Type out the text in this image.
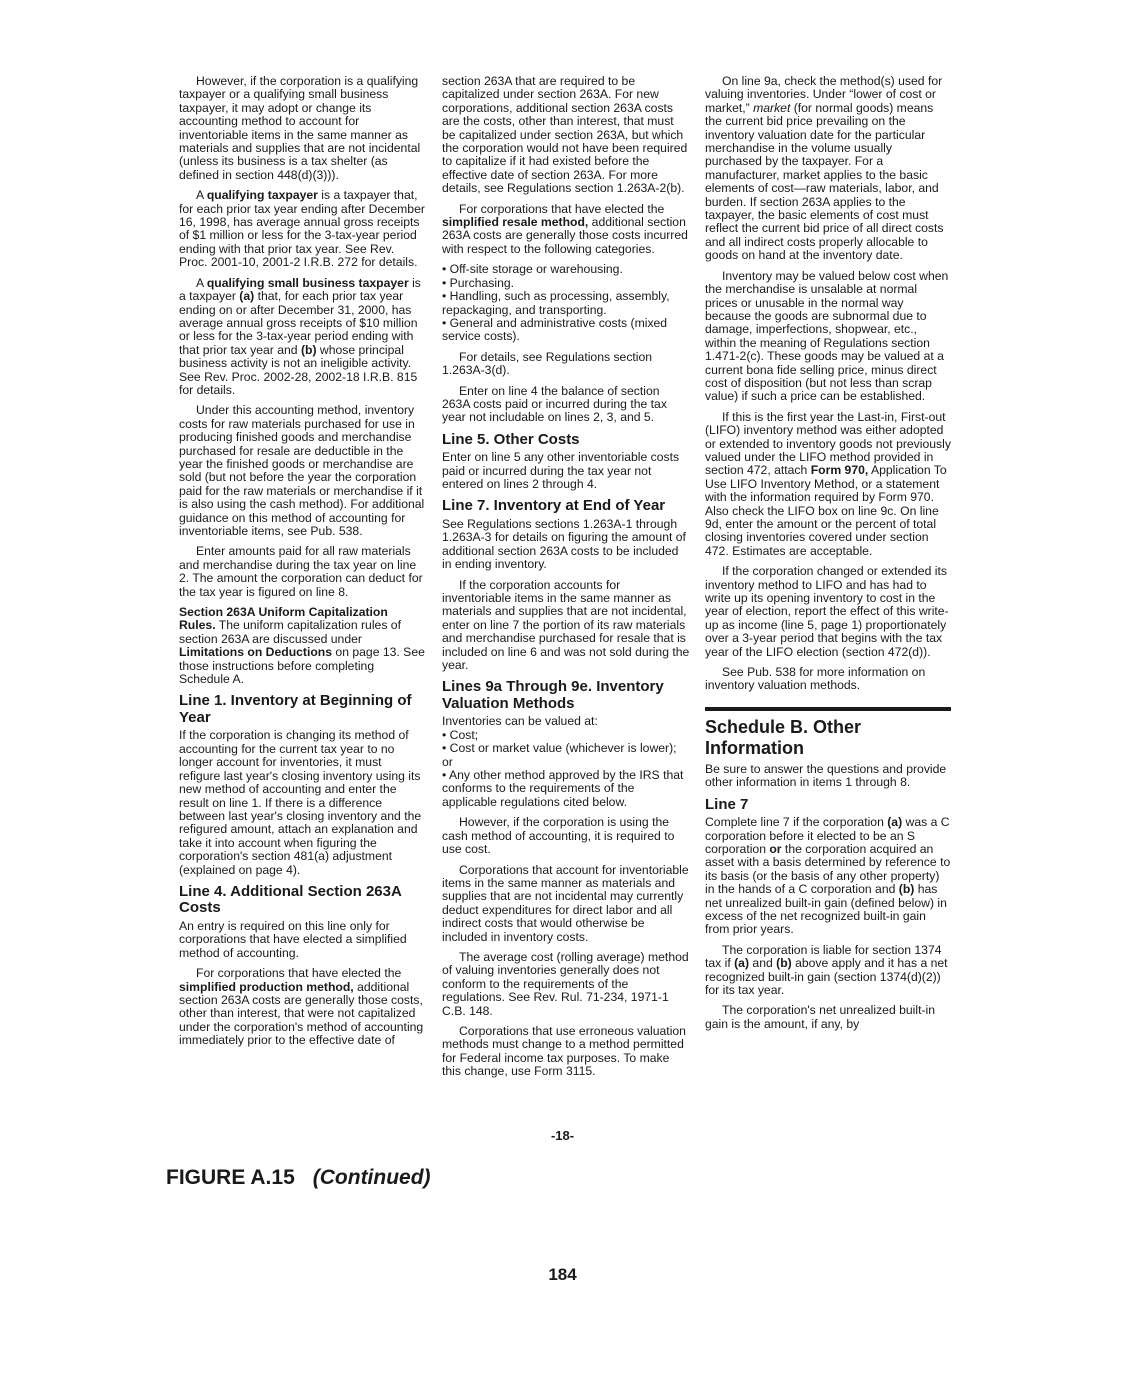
However, if the corporation is a qualifying taxpayer or a qualifying small business taxpayer, it may adopt or change its accounting method to account for inventoriable items in the same manner as materials and supplies that are not incidental (unless its business is a tax shelter (as defined in section 448(d)(3))).

A qualifying taxpayer is a taxpayer that, for each prior tax year ending after December 16, 1998, has average annual gross receipts of $1 million or less for the 3-tax-year period ending with that prior tax year. See Rev. Proc. 2001-10, 2001-2 I.R.B. 272 for details.

A qualifying small business taxpayer is a taxpayer (a) that, for each prior tax year ending on or after December 31, 2000, has average annual gross receipts of $10 million or less for the 3-tax-year period ending with that prior tax year and (b) whose principal business activity is not an ineligible activity. See Rev. Proc. 2002-28, 2002-18 I.R.B. 815 for details.

Under this accounting method, inventory costs for raw materials purchased for use in producing finished goods and merchandise purchased for resale are deductible in the year the finished goods or merchandise are sold (but not before the year the corporation paid for the raw materials or merchandise if it is also using the cash method). For additional guidance on this method of accounting for inventoriable items, see Pub. 538.

Enter amounts paid for all raw materials and merchandise during the tax year on line 2. The amount the corporation can deduct for the tax year is figured on line 8.

Section 263A Uniform Capitalization Rules. The uniform capitalization rules of section 263A are discussed under Limitations on Deductions on page 13. See those instructions before completing Schedule A.

Line 1. Inventory at Beginning of Year

If the corporation is changing its method of accounting for the current tax year to no longer account for inventories, it must refigure last year's closing inventory using its new method of accounting and enter the result on line 1. If there is a difference between last year's closing inventory and the refigured amount, attach an explanation and take it into account when figuring the corporation's section 481(a) adjustment (explained on page 4).

Line 4. Additional Section 263A Costs

An entry is required on this line only for corporations that have elected a simplified method of accounting.

For corporations that have elected the simplified production method, additional section 263A costs are generally those costs, other than interest, that were not capitalized under the corporation's method of accounting immediately prior to the effective date of

section 263A that are required to be capitalized under section 263A. For new corporations, additional section 263A costs are the costs, other than interest, that must be capitalized under section 263A, but which the corporation would not have been required to capitalize if it had existed before the effective date of section 263A. For more details, see Regulations section 1.263A-2(b).

For corporations that have elected the simplified resale method, additional section 263A costs are generally those costs incurred with respect to the following categories.

• Off-site storage or warehousing.

• Purchasing.

• Handling, such as processing, assembly, repackaging, and transporting.

• General and administrative costs (mixed service costs).

For details, see Regulations section 1.263A-3(d).

Enter on line 4 the balance of section 263A costs paid or incurred during the tax year not includable on lines 2, 3, and 5.

Line 5. Other Costs

Enter on line 5 any other inventoriable costs paid or incurred during the tax year not entered on lines 2 through 4.

Line 7. Inventory at End of Year

See Regulations sections 1.263A-1 through 1.263A-3 for details on figuring the amount of additional section 263A costs to be included in ending inventory.

If the corporation accounts for inventoriable items in the same manner as materials and supplies that are not incidental, enter on line 7 the portion of its raw materials and merchandise purchased for resale that is included on line 6 and was not sold during the year.

Lines 9a Through 9e. Inventory Valuation Methods

Inventories can be valued at:

• Cost;

• Cost or market value (whichever is lower); or

• Any other method approved by the IRS that conforms to the requirements of the applicable regulations cited below.

However, if the corporation is using the cash method of accounting, it is required to use cost.

Corporations that account for inventoriable items in the same manner as materials and supplies that are not incidental may currently deduct expenditures for direct labor and all indirect costs that would otherwise be included in inventory costs.

The average cost (rolling average) method of valuing inventories generally does not conform to the requirements of the regulations. See Rev. Rul. 71-234, 1971-1 C.B. 148.

Corporations that use erroneous valuation methods must change to a method permitted for Federal income tax purposes. To make this change, use Form 3115.

On line 9a, check the method(s) used for valuing inventories. Under “lower of cost or market,” market (for normal goods) means the current bid price prevailing on the inventory valuation date for the particular merchandise in the volume usually purchased by the taxpayer. For a manufacturer, market applies to the basic elements of cost—raw materials, labor, and burden. If section 263A applies to the taxpayer, the basic elements of cost must reflect the current bid price of all direct costs and all indirect costs properly allocable to goods on hand at the inventory date.

Inventory may be valued below cost when the merchandise is unsalable at normal prices or unusable in the normal way because the goods are subnormal due to damage, imperfections, shopwear, etc., within the meaning of Regulations section 1.471-2(c). These goods may be valued at a current bona fide selling price, minus direct cost of disposition (but not less than scrap value) if such a price can be established.

If this is the first year the Last-in, First-out (LIFO) inventory method was either adopted or extended to inventory goods not previously valued under the LIFO method provided in section 472, attach Form 970, Application To Use LIFO Inventory Method, or a statement with the information required by Form 970. Also check the LIFO box on line 9c. On line 9d, enter the amount or the percent of total closing inventories covered under section 472. Estimates are acceptable.

If the corporation changed or extended its inventory method to LIFO and has had to write up its opening inventory to cost in the year of election, report the effect of this write-up as income (line 5, page 1) proportionately over a 3-year period that begins with the tax year of the LIFO election (section 472(d)).

See Pub. 538 for more information on inventory valuation methods.

Schedule B. Other Information

Be sure to answer the questions and provide other information in items 1 through 8.

Line 7

Complete line 7 if the corporation (a) was a C corporation before it elected to be an S corporation or the corporation acquired an asset with a basis determined by reference to its basis (or the basis of any other property) in the hands of a C corporation and (b) has net unrealized built-in gain (defined below) in excess of the net recognized built-in gain from prior years.

The corporation is liable for section 1374 tax if (a) and (b) above apply and it has a net recognized built-in gain (section 1374(d)(2)) for its tax year.

The corporation's net unrealized built-in gain is the amount, if any, by

-18-
FIGURE A.15 (Continued)
184
